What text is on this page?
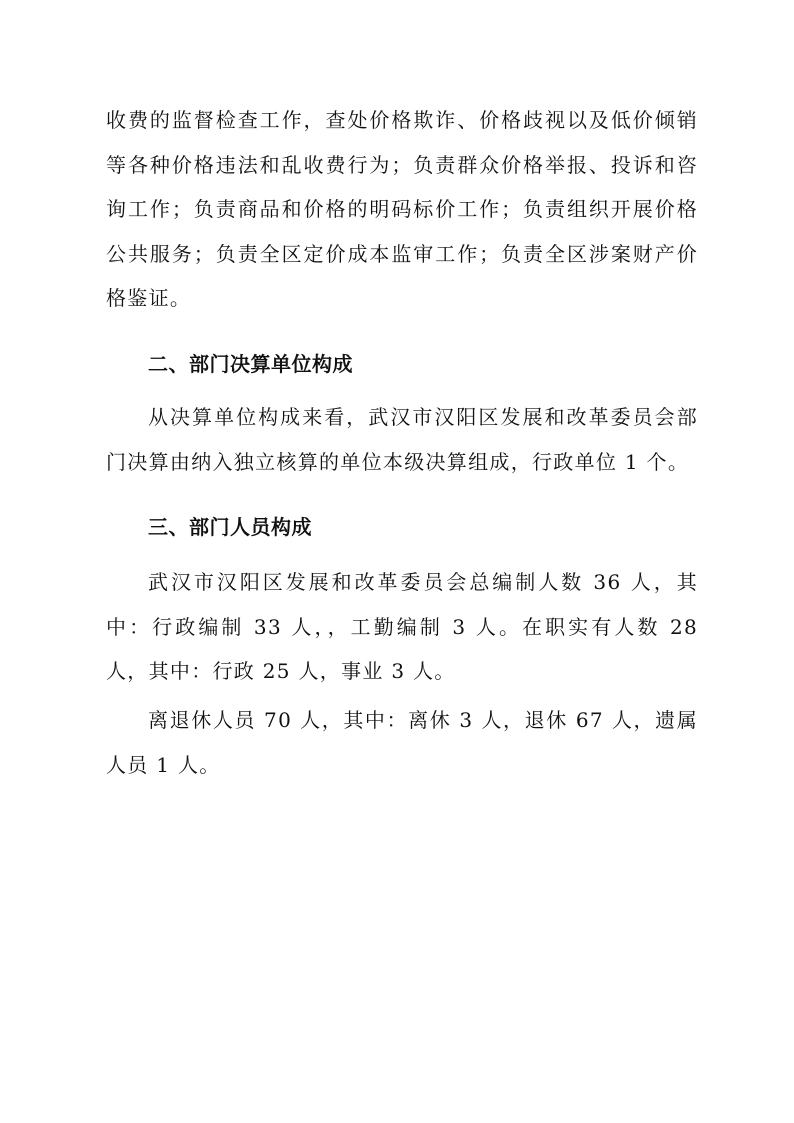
收费的监督检查工作，查处价格欺诈、价格歧视以及低价倾销等各种价格违法和乱收费行为；负责群众价格举报、投诉和咨询工作；负责商品和价格的明码标价工作；负责组织开展价格公共服务；负责全区定价成本监审工作；负责全区涉案财产价格鉴证。

二、部门决算单位构成

从决算单位构成来看，武汉市汉阳区发展和改革委员会部门决算由纳入独立核算的单位本级决算组成，行政单位 1 个。

三、部门人员构成

武汉市汉阳区发展和改革委员会总编制人数 36 人，其中：行政编制 33 人，，工勤编制 3 人。在职实有人数 28 人，其中：行政 25 人，事业 3 人。

离退休人员 70 人，其中：离休 3 人，退休 67 人，遗属人员 1 人。
